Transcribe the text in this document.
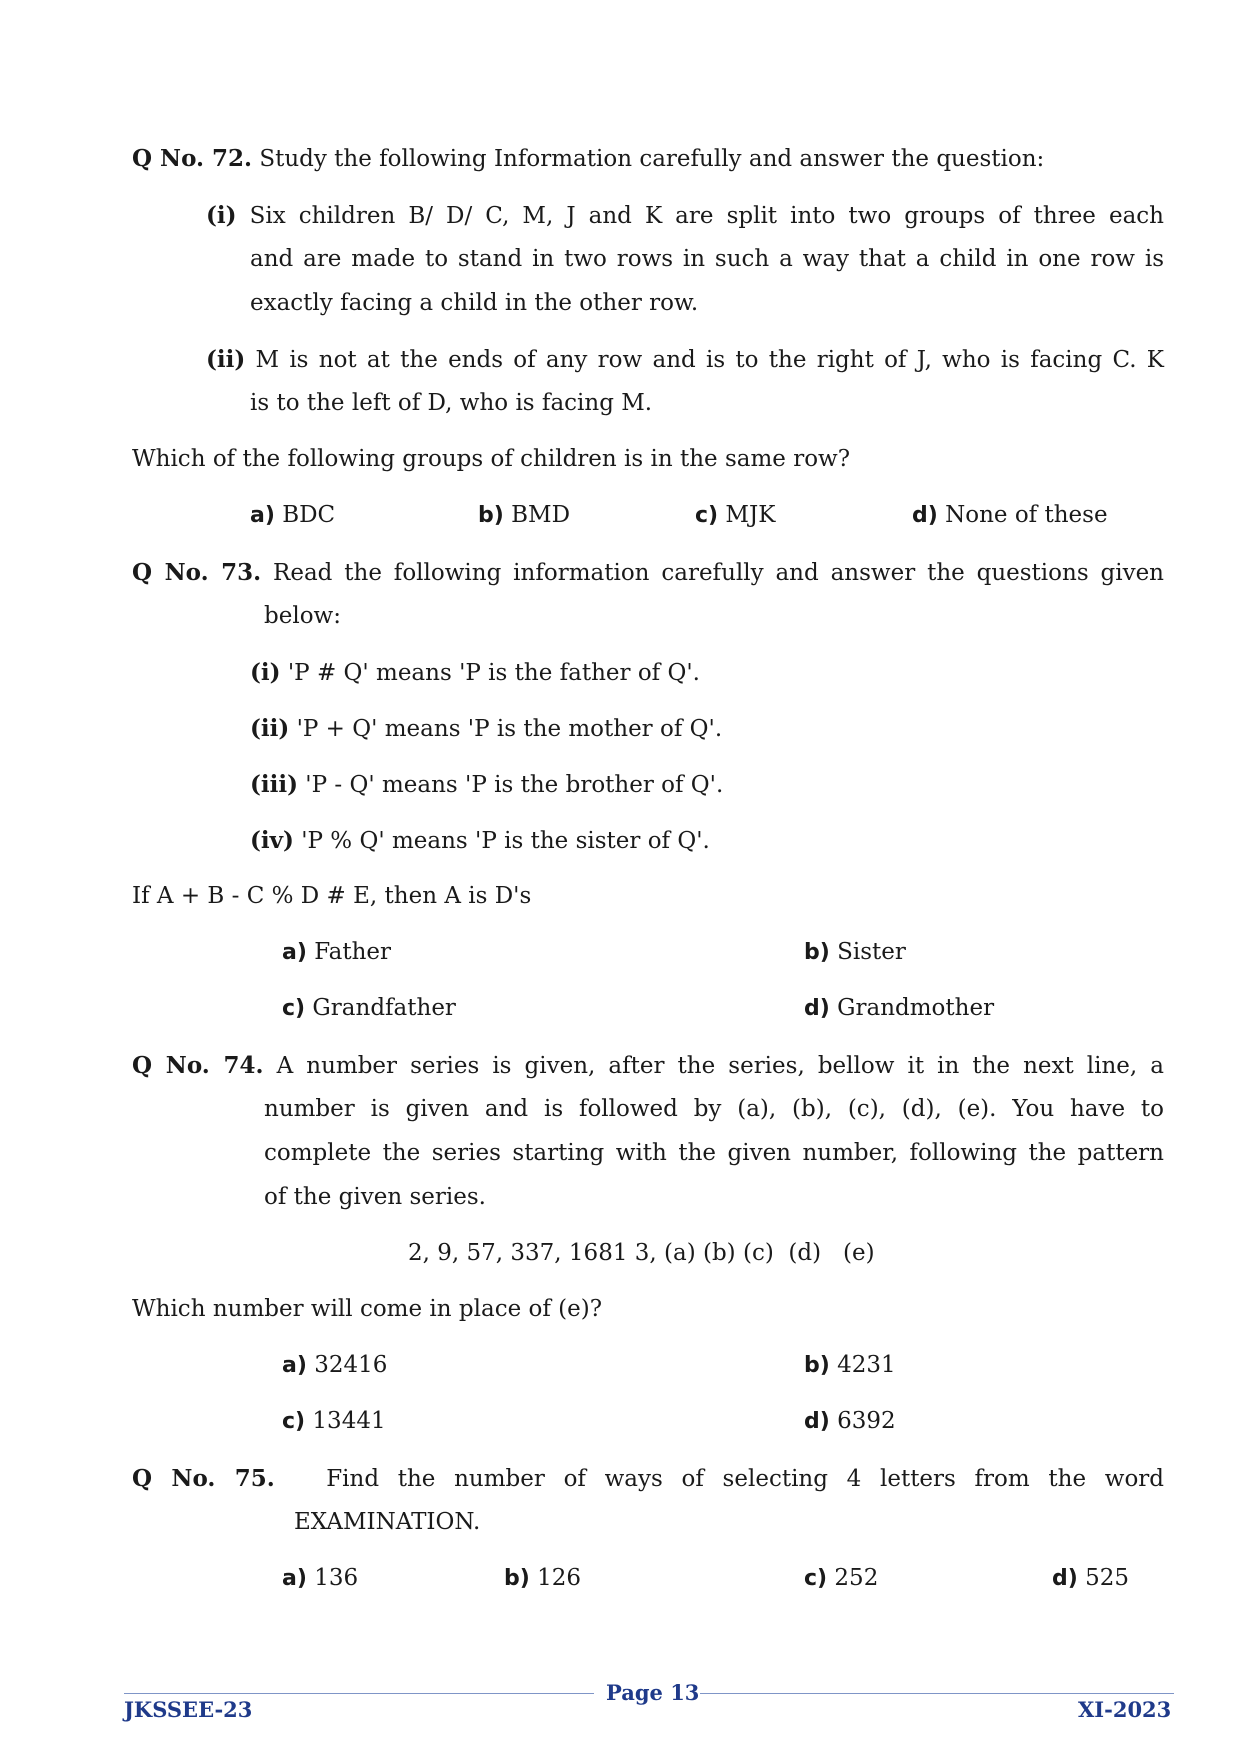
Q No. 72. Study the following Information carefully and answer the question:
(i) Six children B/ D/ C, M, J and K are split into two groups of three each
and are made to stand in two rows in such a way that a child in one row is
exactly facing a child in the other row.
(ii) M is not at the ends of any row and is to the right of J, who is facing C. K
is to the left of D, who is facing M.
Which of the following groups of children is in the same row?
a) BDC	b) BMD	c) MJK	d) None of these
Q No. 73. Read the following information carefully and answer the questions given
below:
(i) 'P # Q' means 'P is the father of Q'.
(ii) 'P + Q' means 'P is the mother of Q'.
(iii) 'P - Q' means 'P is the brother of Q'.
(iv) 'P % Q' means 'P is the sister of Q'.
If A + B - C % D # E, then A is D's
a) Father	b) Sister
c) Grandfather	d) Grandmother
Q No. 74. A number series is given, after the series, bellow it in the next line, a
number is given and is followed by (a), (b), (c), (d), (e). You have to
complete the series starting with the given number, following the pattern
of the given series.
2, 9, 57, 337, 1681 3, (a) (b) (c)  (d)   (e)
Which number will come in place of (e)?
a) 32416	b) 4231
c) 13441	d) 6392
Q No. 75. Find the number of ways of selecting 4 letters from the word
EXAMINATION.
a) 136	b) 126	c) 252	d) 525
JKSSEE-23
Page 13
XI-2023
